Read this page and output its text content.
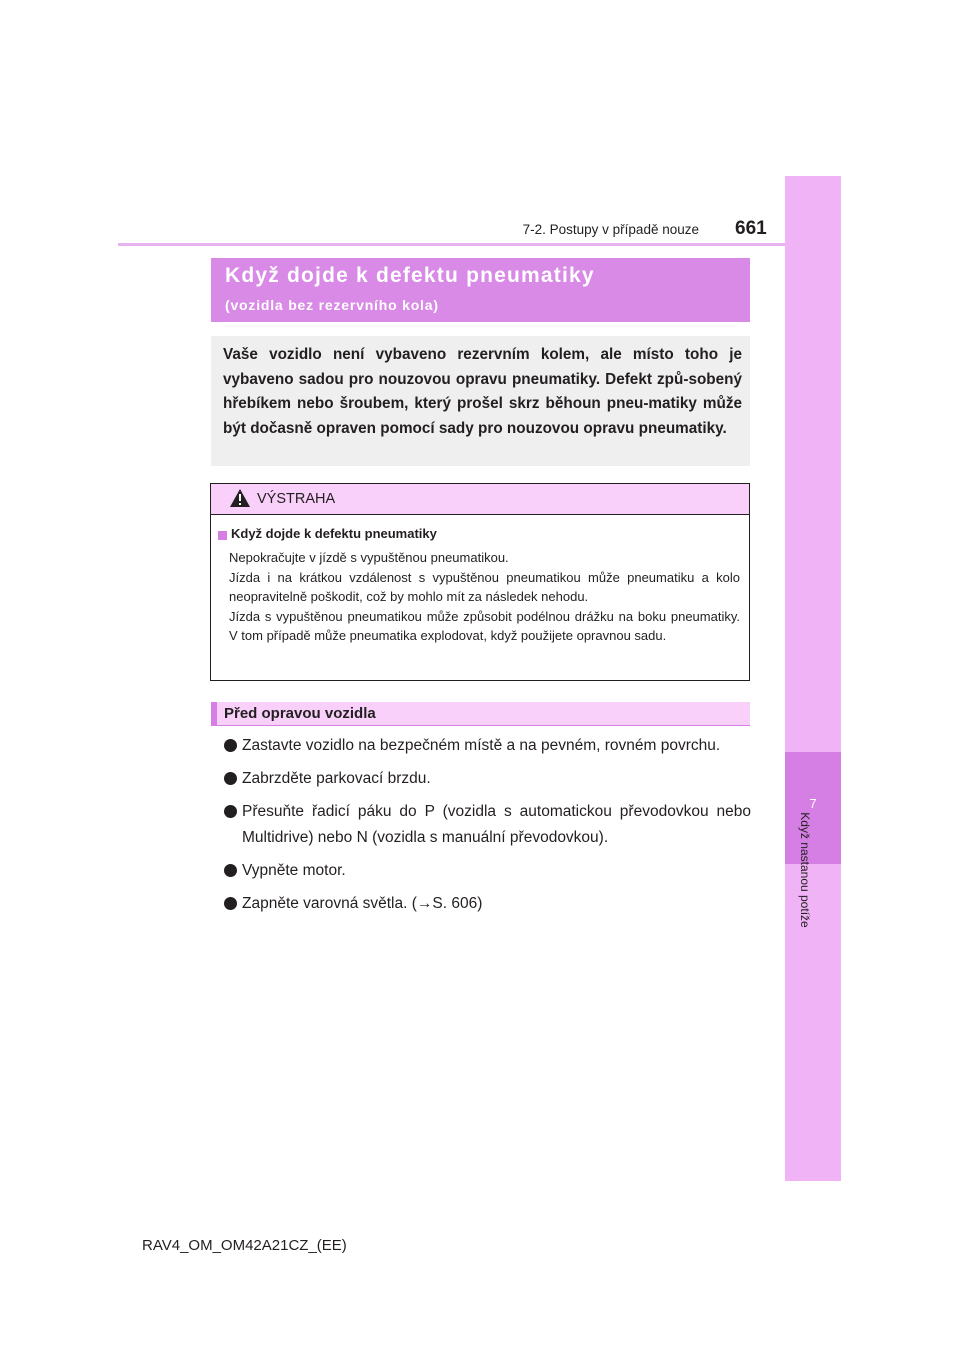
7
Když nastanou potíže
7-2. Postupy v případě nouze 661
Když dojde k defektu pneumatiky
(vozidla bez rezervního kola)
Vaše vozidlo není vybaveno rezervním kolem, ale místo toho je vybaveno sadou pro nouzovou opravu pneumatiky. Defekt způ-sobený hřebíkem nebo šroubem, který prošel skrz běhoun pneu-matiky může být dočasně opraven pomocí sady pro nouzovou opravu pneumatiky.
VÝSTRAHA
Když dojde k defektu pneumatiky

Nepokračujte v jízdě s vypuštěnou pneumatikou.

Jízda i na krátkou vzdálenost s vypuštěnou pneumatikou může pneumatiku a kolo neopravitelně poškodit, což by mohlo mít za následek nehodu.

Jízda s vypuštěnou pneumatikou může způsobit podélnou drážku na boku pneumatiky. V tom případě může pneumatika explodovat, když použijete opravnou sadu.

Před opravou vozidla
Zastavte vozidlo na bezpečném místě a na pevném, rovném povrchu.
Zabrzděte parkovací brzdu.
Přesuňte řadicí páku do P (vozidla s automatickou převodovkou nebo Multidrive) nebo N (vozidla s manuální převodovkou).
Vypněte motor.
Zapněte varovná světla. (→S. 606)
RAV4_OM_OM42A21CZ_(EE)
